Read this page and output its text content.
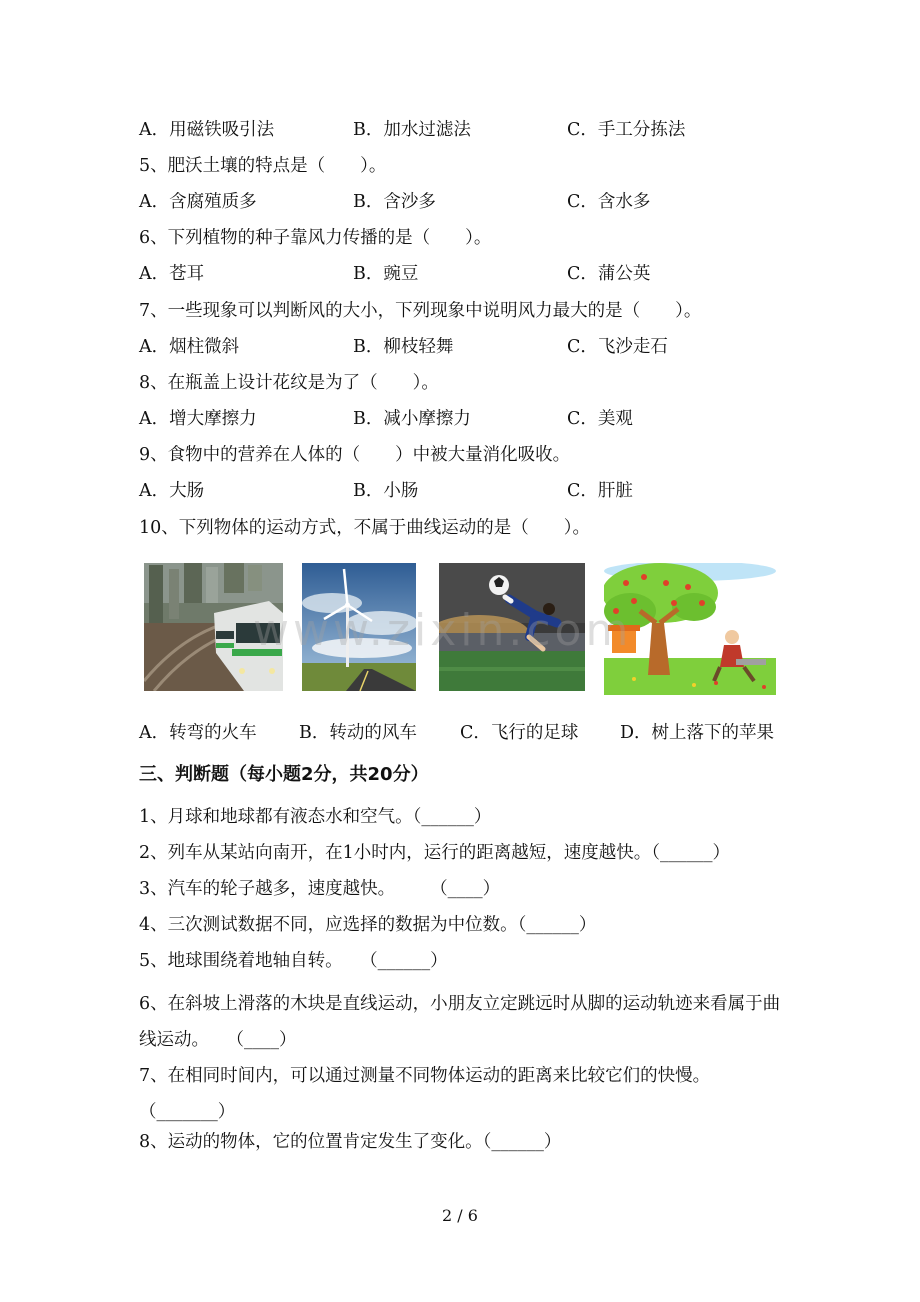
A．用磁铁吸引法	B．加水过滤法	C．手工分拣法
5、肥沃土壤的特点是（　　）。
A．含腐殖质多	B．含沙多	C．含水多
6、下列植物的种子靠风力传播的是（　　）。
A．苍耳	B．豌豆	C．蒲公英
7、一些现象可以判断风的大小，下列现象中说明风力最大的是（　　）。
A．烟柱微斜	B．柳枝轻舞	C．飞沙走石
8、在瓶盖上设计花纹是为了（　　）。
A．增大摩擦力	B．减小摩擦力	C．美观
9、食物中的营养在人体的（　　）中被大量消化吸收。
A．大肠	B．小肠	C．肝脏
10、下列物体的运动方式，不属于曲线运动的是（　　）。
www.zixin.com
A．转弯的火车 B．转动的风车 C．飞行的足球 D．树上落下的苹果
三、判断题（每小题2分，共20分）
1、月球和地球都有液态水和空气。（______）
2、列车从某站向南开，在1小时内，运行的距离越短，速度越快。（______）
3、汽车的轮子越多，速度越快。　　　（____）
4、三次测试数据不同，应选择的数据为中位数。（______）
5、地球围绕着地轴自转。　　（______）
6、在斜坡上滑落的木块是直线运动，小朋友立定跳远时从脚的运动轨迹来看属于曲线运动。　　（____）
7、在相同时间内，可以通过测量不同物体运动的距离来比较它们的快慢。（_______）
8、运动的物体，它的位置肯定发生了变化。（______）
2 / 6
